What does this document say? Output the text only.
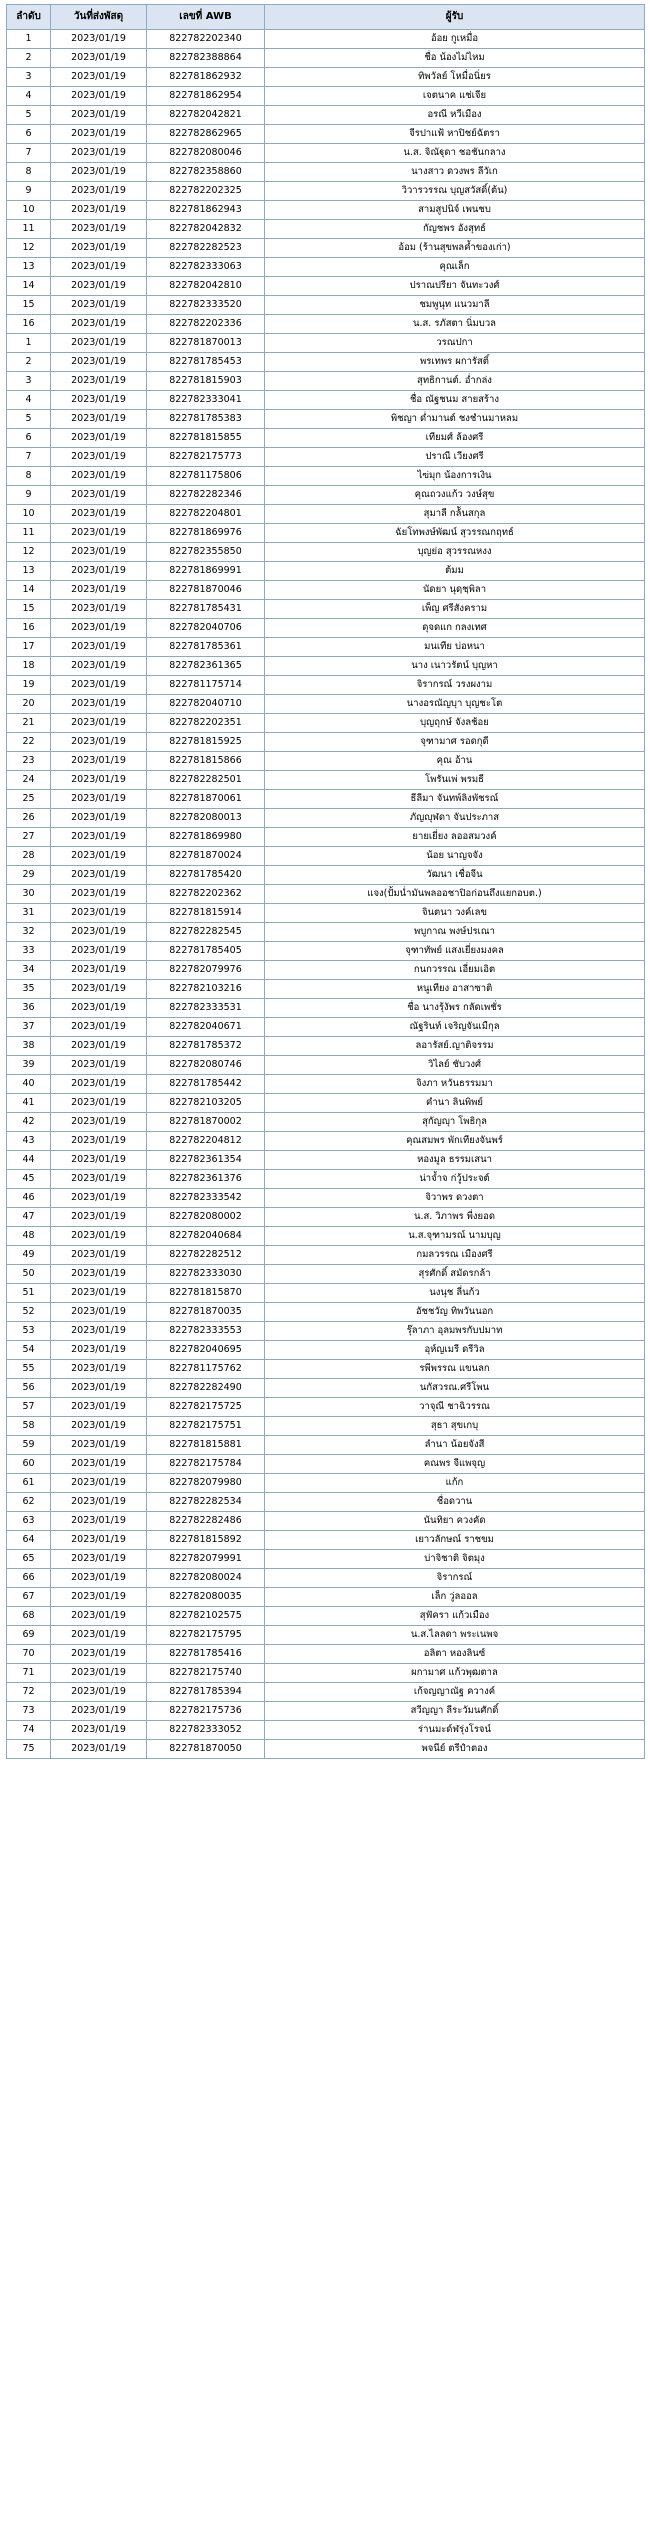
ลำดับ	วันที่ส่งพัสดุ	เลขที่ AWB	ผู้รับ
1	2023/01/19	822782202340	อ้อย กูเหมื่อ
2	2023/01/19	822782388864	ชื่อ น้องไม่ไหม
3	2023/01/19	822781862932	ทิพวัลย์ โหมื่อนิ่ยร
4	2023/01/19	822781862954	เจตนาค แช่เจีย
5	2023/01/19	822782042821	อรณี หวีเมือง
6	2023/01/19	822782862965	จีรปาแฟ้ หาปิชย์ฉัตรา
7	2023/01/19	822782080046	น.ส. จิณัฐุดา ชอชันกลาง
8	2023/01/19	822782358860	นางสาว ดวงพร ลีวัเก
9	2023/01/19	822782202325	วิวารวรรณ บุญสวัสดิ์(ต้น)
10	2023/01/19	822781862943	สามสูปนิจ์ เพนชบ
11	2023/01/19	822782042832	กัญชพร อังสุทธ์
12	2023/01/19	822782282523	อ้อม (ร้านสุขพลค้ำของเก่า)
13	2023/01/19	822782333063	คุณเล็ก
14	2023/01/19	822782042810	ปราณปรียา จันทะวงศ์
15	2023/01/19	822782333520	ชมพูนุท แนวมาลี
16	2023/01/19	822782202336	น.ส. รภัสตา นิ่มบวล
1	2023/01/19	822781870013	วรณปกา
2	2023/01/19	822781785453	พรเทพร ผการัสติ์
3	2023/01/19	822781815903	สุทธิกานต์. อ่ำกล่ง
4	2023/01/19	822782333041	ชื่อ ณัฐชนม สายสร้าง
5	2023/01/19	822781785383	พิชญา ด่ำมานต์ ชงชำนมาหลม
6	2023/01/19	822781815855	เทียมศ์ ล้องศรี
7	2023/01/19	822782175773	ปราณี เวียงศรี
8	2023/01/19	822781175806	ไฃ่มุก น้องการเงิน
9	2023/01/19	822782282346	คุณถวงแก้ว วงษ์สุข
10	2023/01/19	822782204801	สุมาลี กล้ันสกุล
11	2023/01/19	822781869976	ฉัยโทพงษ์พัฒน์ สุวรรณกฤทธ์
12	2023/01/19	822782355850	บุญย่อ สุวรรณหงง
13	2023/01/19	822781869991	ต้มม
14	2023/01/19	822781870046	นัดยา นุดฺชฺพิลา
15	2023/01/19	822781785431	เพ็ญ ศรีสังคราม
16	2023/01/19	822782040706	ดุจดแก กลงเทศ
17	2023/01/19	822781785361	มนเทีย บ่อหนา
18	2023/01/19	822782361365	นาง เนาวรัตน์ บุญหา
19	2023/01/19	822781175714	จิรากรณ์ วรงผงาม
20	2023/01/19	822782040710	นางอรณัญบุา บุญชะโต
21	2023/01/19	822782202351	บุญถุกษ์ จังลช้อย
22	2023/01/19	822781815925	จุฑามาศ รอดกุดี
23	2023/01/19	822781815866	คุณ อ้าน
24	2023/01/19	822782282501	โพรันเพ่ พรมธี
25	2023/01/19	822781870061	ธีลีมา จันทพ์ลิงพัชรณ์
26	2023/01/19	822782080013	ภัญญุฬดา จันประภาส
27	2023/01/19	822781869980	ยายเยี่ยง ลออสมวงค์
28	2023/01/19	822781870024	น้อย นาญจจัง
29	2023/01/19	822781785420	วัฒนา เชื่อจีน
30	2023/01/19	822782202362	แจง(ปั้มน่ำมันพลออชาปิอก่อนถึงแยกอบต.)
31	2023/01/19	822781815914	จินตนา วงค์เลข
32	2023/01/19	822782282545	พบูกาณ พงษ์ปรเณา
33	2023/01/19	822781785405	จุฑาทัพย์ แสงเยี่ยงมงคล
34	2023/01/19	822782079976	กนกวรรณ เอี่ยมเอิต
35	2023/01/19	822782103216	หนูเทียง อาสาซาติ
36	2023/01/19	822782333531	ชื่อ นางรุ้งัพร กลัดเพชั่ร
37	2023/01/19	822782040671	ณัฐรินท์ เจริญจันเมืกุล
38	2023/01/19	822781785372	ลอารัสย์.ญาติจรรม
39	2023/01/19	822782080746	วิไลย์ ชับวงศ์
40	2023/01/19	822781785442	จิงภา หวันธรรมมา
41	2023/01/19	822782103205	คำนา ลินพิพย์
42	2023/01/19	822781870002	สุกัญญุา โพธิกุล
43	2023/01/19	822782204812	คุณสมพร พักเทียงจันพร์
44	2023/01/19	822782361354	หองมูล ธรรมเสนา
45	2023/01/19	822782361376	น่าจ้ำจ ก่วู้ประจต์
46	2023/01/19	822782333542	จิวาพร ดวงตา
47	2023/01/19	822782080002	น.ส. วิภาพร พี่งยอด
48	2023/01/19	822782040684	น.ส.จุฑามรณ์ นามบุญ
49	2023/01/19	822782282512	กมลวรรณ เมืองศรี
50	2023/01/19	822782333030	สุรศักดิ์ สมัดรกล้า
51	2023/01/19	822781815870	นงนุช ลี่นก้ว
52	2023/01/19	822781870035	อัชชวัญ ทิพวันนอก
53	2023/01/19	822782333553	รุ๊ลาภา อุลมพรกับปมาท
54	2023/01/19	822782040695	อุห์ญเมรี ดรีวิล
55	2023/01/19	822781175762	รพีพรรณ แขนลก
56	2023/01/19	822782282490	นกัสวรณ.ศรีโพน
57	2023/01/19	822782175725	วาจุณี ชาฉิวรรณ
58	2023/01/19	822782175751	สุธา สุขเกบุ
59	2023/01/19	822781815881	ลำนา น้อยจังสี
60	2023/01/19	822782175784	คณพร จีแพจุญ
61	2023/01/19	822782079980	แก้ก
62	2023/01/19	822782282534	ชื่อดวาน
63	2023/01/19	822782282486	นันทิยา ควงคัด
64	2023/01/19	822781815892	เยาวลักษณ์ ราชขม
65	2023/01/19	822782079991	บ่าจิชาติ จิตมุง
66	2023/01/19	822782080024	จิรากรณ์
67	2023/01/19	822782080035	เล็ก วู่ลออล
68	2023/01/19	822782102575	สุฟัครา แก้วเมือง
69	2023/01/19	822782175795	น.ส.ไลลดา พระเนพจ
70	2023/01/19	822781785416	อลิตา หองลินซ์
71	2023/01/19	822782175740	ผกามาศ แก้วพุฒตาล
72	2023/01/19	822781785394	เก้จญญาณัฐ ควางค์
73	2023/01/19	822782175736	สวีญญา ลีระวัมนศักดิ์
74	2023/01/19	822782333052	ร่านมะด์ฬรุ่งโรจน์
75	2023/01/19	822781870050	พจนีย์ ตรีปำตอง
